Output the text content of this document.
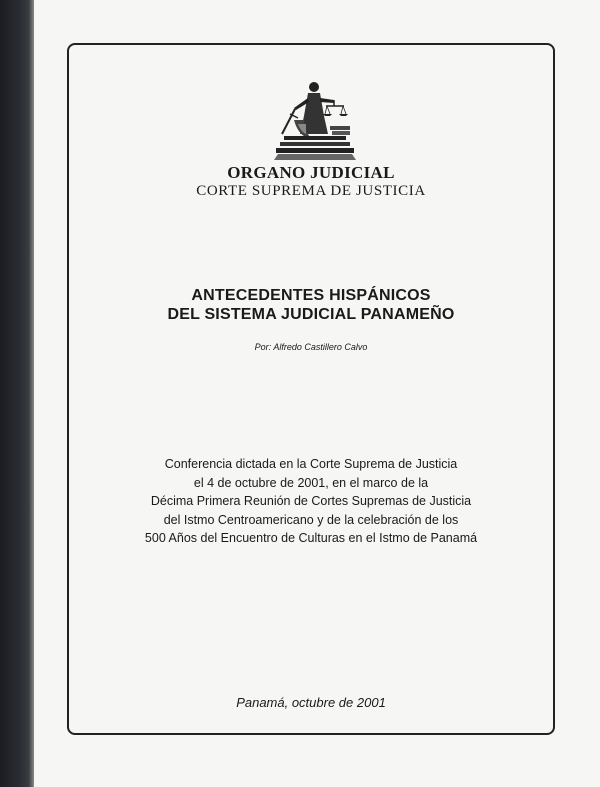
ORGANO JUDICIAL
CORTE SUPREMA DE JUSTICIA
ANTECEDENTES HISPÁNICOS
DEL SISTEMA JUDICIAL PANAMEÑO
Por: Alfredo Castillero Calvo
Conferencia dictada en la Corte Suprema de Justicia
el 4 de octubre de 2001, en el marco de la
Décima Primera Reunión de Cortes Supremas de Justicia
del Istmo Centroamericano y de la celebración de los
500 Años del Encuentro de Culturas en el Istmo de Panamá
Panamá, octubre de 2001
